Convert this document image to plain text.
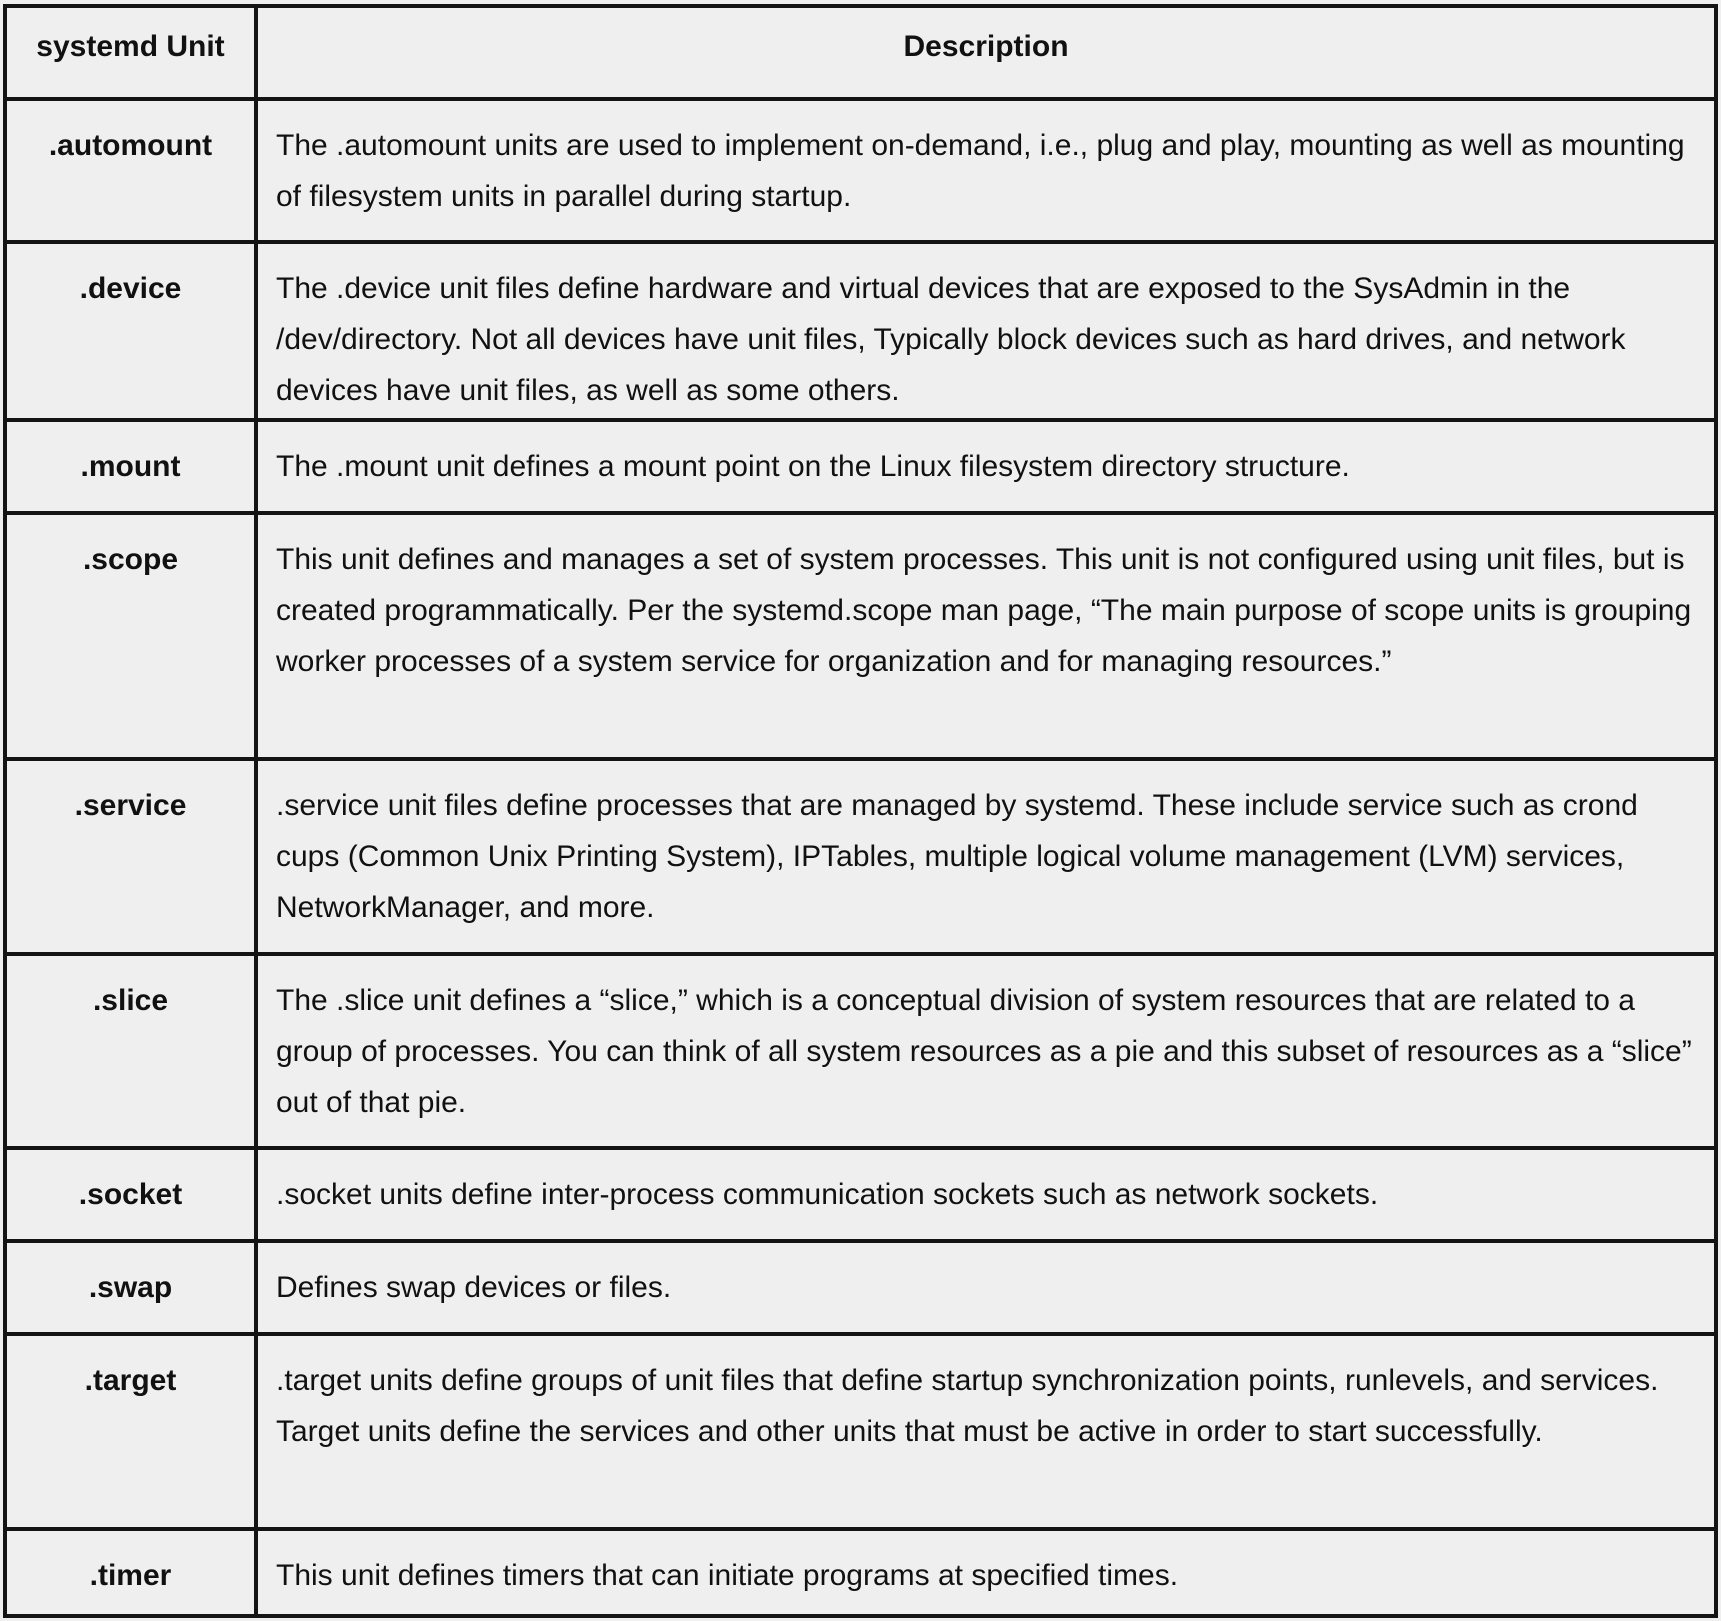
systemd Unit	Description
.automount	The .automount units are used to implement on-demand, i.e., plug and play, mounting as well as mounting of filesystem units in parallel during startup.
.device	The .device unit files define hardware and virtual devices that are exposed to the SysAdmin in the /dev/directory. Not all devices have unit files, Typically block devices such as hard drives, and network devices have unit files, as well as some others.
.mount	The .mount unit defines a mount point on the Linux filesystem directory structure.
.scope	This unit defines and manages a set of system processes. This unit is not configured using unit files, but is created programmatically. Per the systemd.scope man page, “The main purpose of scope units is grouping worker processes of a system service for organization and for managing resources.”
.service	.service unit files define processes that are managed by systemd. These include service such as crond cups (Common Unix Printing System), IPTables, multiple logical volume management (LVM) services, NetworkManager, and more.
.slice	The .slice unit defines a “slice,” which is a conceptual division of system resources that are related to a group of processes. You can think of all system resources as a pie and this subset of resources as a “slice” out of that pie.
.socket	.socket units define inter-process communication sockets such as network sockets.
.swap	Defines swap devices or files.
.target	.target units define groups of unit files that define startup synchronization points, runlevels, and services. Target units define the services and other units that must be active in order to start successfully.
.timer	This unit defines timers that can initiate programs at specified times.
